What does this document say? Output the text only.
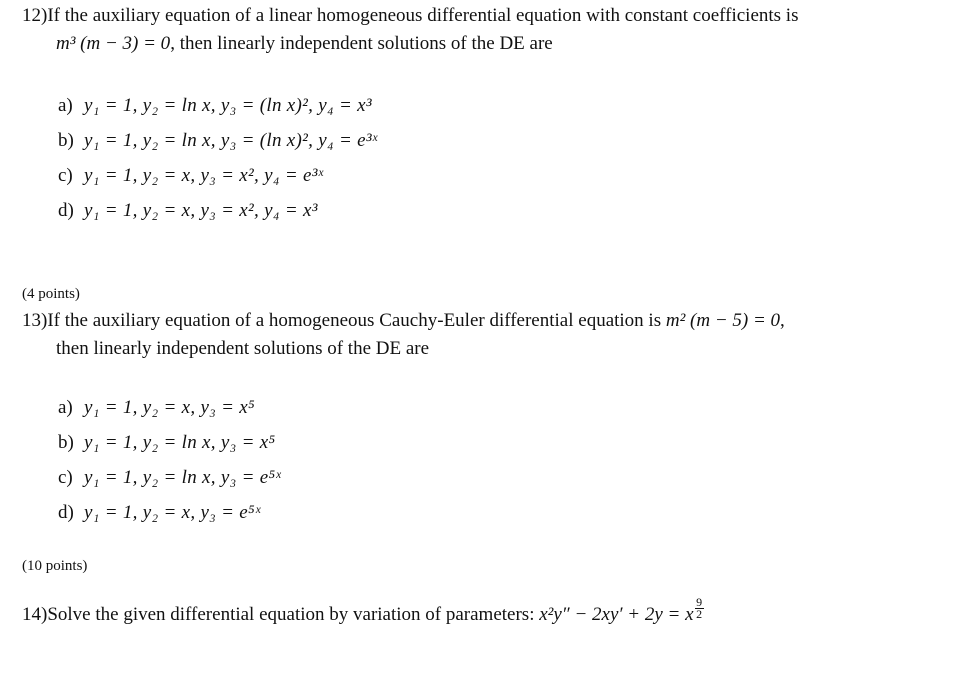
12)If the auxiliary equation of a linear homogeneous differential equation with constant coefficients is
m³ (m − 3) = 0, then linearly independent solutions of the DE are
a) y₁ = 1, y₂ = ln x, y₃ = (ln x)², y₄ = x³
b) y₁ = 1, y₂ = ln x, y₃ = (ln x)², y₄ = e³ˣ
c) y₁ = 1, y₂ = x, y₃ = x², y₄ = e³ˣ
d) y₁ = 1, y₂ = x, y₃ = x², y₄ = x³
(4 points)
13)If the auxiliary equation of a homogeneous Cauchy-Euler differential equation is m² (m − 5) = 0,
then linearly independent solutions of the DE are
a) y₁ = 1, y₂ = x, y₃ = x⁵
b) y₁ = 1, y₂ = ln x, y₃ = x⁵
c) y₁ = 1, y₂ = ln x, y₃ = e⁵ˣ
d) y₁ = 1, y₂ = x, y₃ = e⁵ˣ
(10 points)
14)Solve the given differential equation by variation of parameters: x²y″ − 2xy′ + 2y = x $\frac{9}{2}$
